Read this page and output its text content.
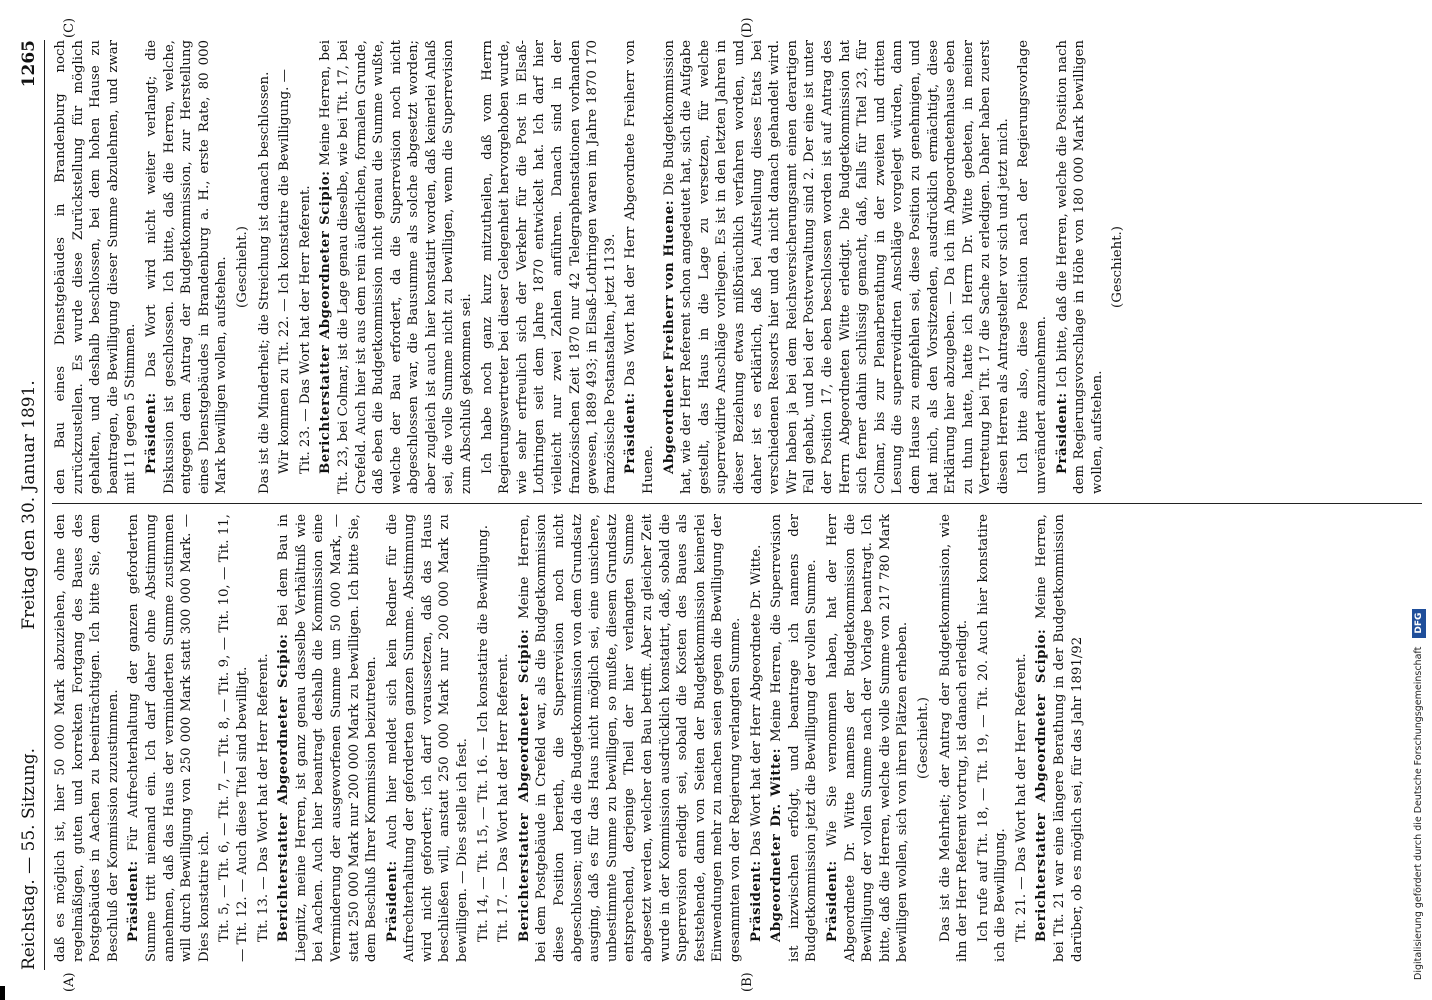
Reichstag. — 55. Sitzung.
Freitag den 30. Januar 1891.
1265
(A)	(B)
(C)	(D)

daß es möglich ist, hier 50 000 Mark abzuziehen, ohne den regelmäßigen, guten und korrekten Fortgang des Baues des Postgebäudes in Aachen zu beeinträchtigen. Ich bitte Sie, dem Beschluß der Kommission zuzustimmen. Präsident: Für Aufrechterhaltung der ganzen geforderten Summe tritt niemand ein. Ich darf daher ohne Abstimmung annehmen, daß das Haus der verminderten Summe zustimmen will durch Bewilligung von 250 000 Mark statt 300 000 Mark. — Dies konstatire ich. Tit. 5, — Tit. 6, — Tit. 7, — Tit. 8, — Tit. 9, — Tit. 10, — Tit. 11, — Tit. 12. — Auch diese Titel sind bewilligt. Tit. 13. — Das Wort hat der Herr Referent. Berichterstatter Abgeordneter Scipio: Bei dem Bau in Liegnitz, meine Herren, ist ganz genau dasselbe Verhältniß wie bei Aachen. Auch hier beantragt deshalb die Kommission eine Verminderung der ausgeworfenen Summe um 50 000 Mark, — statt 250 000 Mark nur 200 000 Mark zu bewilligen. Ich bitte Sie, dem Beschluß Ihrer Kommission beizutreten. Präsident: Auch hier meldet sich kein Redner für die Aufrechterhaltung der geforderten ganzen Summe. Abstimmung wird nicht gefordert; ich darf voraussetzen, daß das Haus beschließen will, anstatt 250 000 Mark nur 200 000 Mark zu bewilligen. — Dies stelle ich fest. Tit. 14, — Tit. 15, — Tit. 16. — Ich konstatire die Bewilligung. Tit. 17. — Das Wort hat der Herr Referent. Berichterstatter Abgeordneter Scipio: Meine Herren, bei dem Postgebäude in Crefeld war, als die Budgetkommission diese Position berieth, die Superrevision noch nicht abgeschlossen; und da die Budgetkommission von dem Grundsatz ausging, daß es für das Haus nicht möglich sei, eine unsichere, unbestimmte Summe zu bewilligen, so mußte, diesem Grundsatz entsprechend, derjenige Theil der hier verlangten Summe abgesetzt werden, welcher den Bau betrifft. Aber zu gleicher Zeit wurde in der Kommission ausdrücklich konstatirt, daß, sobald die Superrevision erledigt sei, sobald die Kosten des Baues als feststehende, dann von Seiten der Budgetkommission keinerlei Einwendungen mehr zu machen seien gegen die Bewilligung der gesammten von der Regierung verlangten Summe. Präsident: Das Wort hat der Herr Abgeordnete Dr. Witte. Abgeordneter Dr. Witte: Meine Herren, die Superrevision ist inzwischen erfolgt, und beantrage ich namens der Budgetkommission jetzt die Bewilligung der vollen Summe. Präsident: Wie Sie vernommen haben, hat der Herr Abgeordnete Dr. Witte namens der Budgetkommission die Bewilligung der vollen Summe nach der Vorlage beantragt. Ich bitte, daß die Herren, welche die volle Summe von 217 780 Mark bewilligen wollen, sich von ihren Plätzen erheben. (Geschieht.) Das ist die Mehrheit; der Antrag der Budgetkommission, wie ihn der Herr Referent vortrug, ist danach erledigt. Ich rufe auf Tit. 18, — Tit. 19, — Tit. 20. Auch hier konstatire ich die Bewilligung. Tit. 21. — Das Wort hat der Herr Referent. Berichterstatter Abgeordneter Scipio: Meine Herren, bei Tit. 21 war eine längere Berathung in der Budgetkommission darüber, ob es möglich sei, für das Jahr 1891/92

den Bau eines Dienstgebäudes in Brandenburg noch zurückzustellen. Es wurde diese Zurückstellung für möglich gehalten, und deshalb beschlossen, bei dem hohen Hause zu beantragen, die Bewilligung dieser Summe abzulehnen, und zwar mit 11 gegen 5 Stimmen. Präsident: Das Wort wird nicht weiter verlangt; die Diskussion ist geschlossen. Ich bitte, daß die Herren, welche, entgegen dem Antrag der Budgetkommission, zur Herstellung eines Dienstgebäudes in Brandenburg a. H., erste Rate, 80 000 Mark bewilligen wollen, aufstehen. (Geschieht.) Das ist die Minderheit; die Streichung ist danach beschlossen. Wir kommen zu Tit. 22. — Ich konstatire die Bewilligung. — Tit. 23. — Das Wort hat der Herr Referent. Berichterstatter Abgeordneter Scipio: Meine Herren, bei Tit. 23, bei Colmar, ist die Lage genau dieselbe, wie bei Tit. 17, bei Crefeld. Auch hier ist aus dem rein äußerlichen, formalen Grunde, daß eben die Budgetkommission nicht genau die Summe wußte, welche der Bau erfordert, da die Superrevision noch nicht abgeschlossen war, die Bausumme als solche abgesetzt worden; aber zugleich ist auch hier konstatirt worden, daß keinerlei Anlaß sei, die volle Summe nicht zu bewilligen, wenn die Superrevision zum Abschluß gekommen sei. Ich habe noch ganz kurz mitzutheilen, daß vom Herrn Regierungsvertreter bei dieser Gelegenheit hervorgehoben wurde, wie sehr erfreulich sich der Verkehr für die Post in Elsaß-Lothringen seit dem Jahre 1870 entwickelt hat. Ich darf hier vielleicht nur zwei Zahlen anführen. Danach sind in der französischen Zeit 1870 nur 42 Telegraphenstationen vorhanden gewesen, 1889 493; in Elsaß-Lothringen waren im Jahre 1870 170 französische Postanstalten, jetzt 1139. Präsident: Das Wort hat der Herr Abgeordnete Freiherr von Huene. Abgeordneter Freiherr von Huene: Die Budgetkommission hat, wie der Herr Referent schon angedeutet hat, sich die Aufgabe gestellt, das Haus in die Lage zu versetzen, für welche superrevidirte Anschläge vorliegen. Es ist in den letzten Jahren in dieser Beziehung etwas mißbräuchlich verfahren worden, und daher ist es erklärlich, daß bei Aufstellung dieses Etats bei verschiedenen Ressorts hier und da nicht danach gehandelt wird. Wir haben ja bei dem Reichsversicherungsamt einen derartigen Fall gehabt, und bei der Postverwaltung sind 2. Der eine ist unter der Position 17, die eben beschlossen worden ist auf Antrag des Herrn Abgeordneten Witte erledigt. Die Budgetkommission hat sich ferner dahin schlüssig gemacht, daß, falls für Titel 23, für Colmar, bis zur Plenarberathung in der zweiten und dritten Lesung die superrevidirten Anschläge vorgelegt würden, dann dem Hause zu empfehlen sei, diese Position zu genehmigen, und hat mich, als den Vorsitzenden, ausdrücklich ermächtigt, diese Erklärung hier abzugeben. — Da ich im Abgeordnetenhause eben zu thun hatte, hatte ich Herrn Dr. Witte gebeten, in meiner Vertretung bei Tit. 17 die Sache zu erledigen. Daher haben zuerst diesen Herren als Antragsteller vor sich und jetzt mich. Ich bitte also, diese Position nach der Regierungsvorlage unverändert anzunehmen. Präsident: Ich bitte, daß die Herren, welche die Position nach dem Regierungsvorschlage in Höhe von 180 000 Mark bewilligen wollen, aufstehen.

(Geschieht.)

Digitalisierung gefördert durch die Deutsche Forschungsgemeinschaft DFG
